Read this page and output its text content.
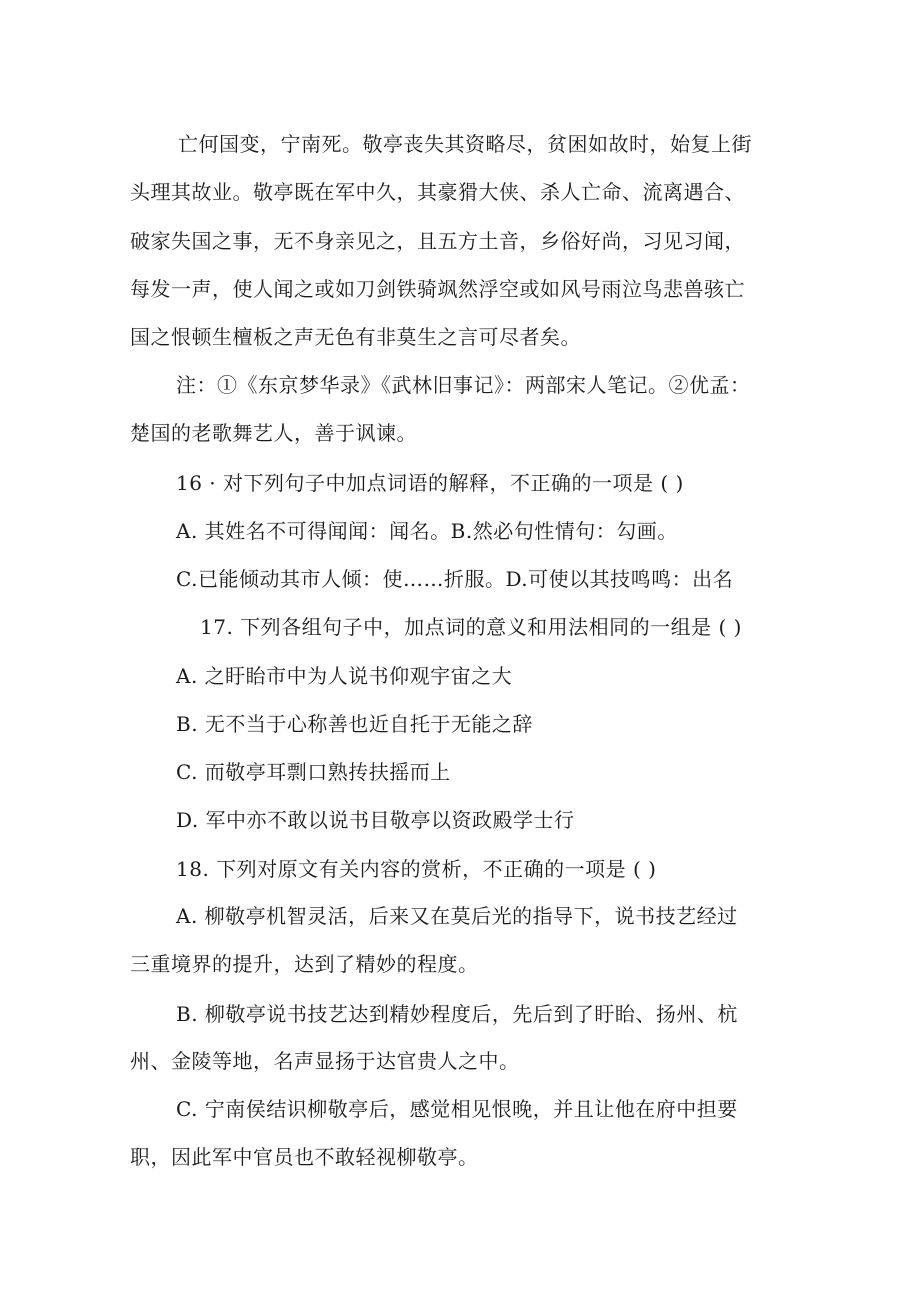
亡何国变，宁南死。敬亭丧失其资略尽，贫困如故时，始复上街
头理其故业。敬亭既在军中久，其豪猾大侠、杀人亡命、流离遇合、
破家失国之事，无不身亲见之，且五方土音，乡俗好尚，习见习闻，
每发一声，使人闻之或如刀剑铁骑飒然浮空或如风号雨泣鸟悲兽骇亡
国之恨顿生檀板之声无色有非莫生之言可尽者矣。
注：①《东京梦华录》《武林旧事记》：两部宋人笔记。②优孟：
楚国的老歌舞艺人，善于讽谏。
16 · 对下列句子中加点词语的解释，不正确的一项是 ( )
A. 其姓名不可得闻闻：闻名。B.然必句性情句：勾画。
C.已能倾动其市人倾：使……折服。D.可使以其技鸣鸣：出名
17. 下列各组句子中，加点词的意义和用法相同的一组是 ( )
A. 之盱眙市中为人说书仰观宇宙之大
B. 无不当于心称善也近自托于无能之辞
C. 而敬亭耳剽口熟抟扶摇而上
D. 军中亦不敢以说书目敬亭以资政殿学士行
18. 下列对原文有关内容的赏析，不正确的一项是 ( )
A. 柳敬亭机智灵活，后来又在莫后光的指导下，说书技艺经过
三重境界的提升，达到了精妙的程度。
B. 柳敬亭说书技艺达到精妙程度后，先后到了盱眙、扬州、杭
州、金陵等地，名声显扬于达官贵人之中。
C. 宁南侯结识柳敬亭后，感觉相见恨晚，并且让他在府中担要
职，因此军中官员也不敢轻视柳敬亭。
